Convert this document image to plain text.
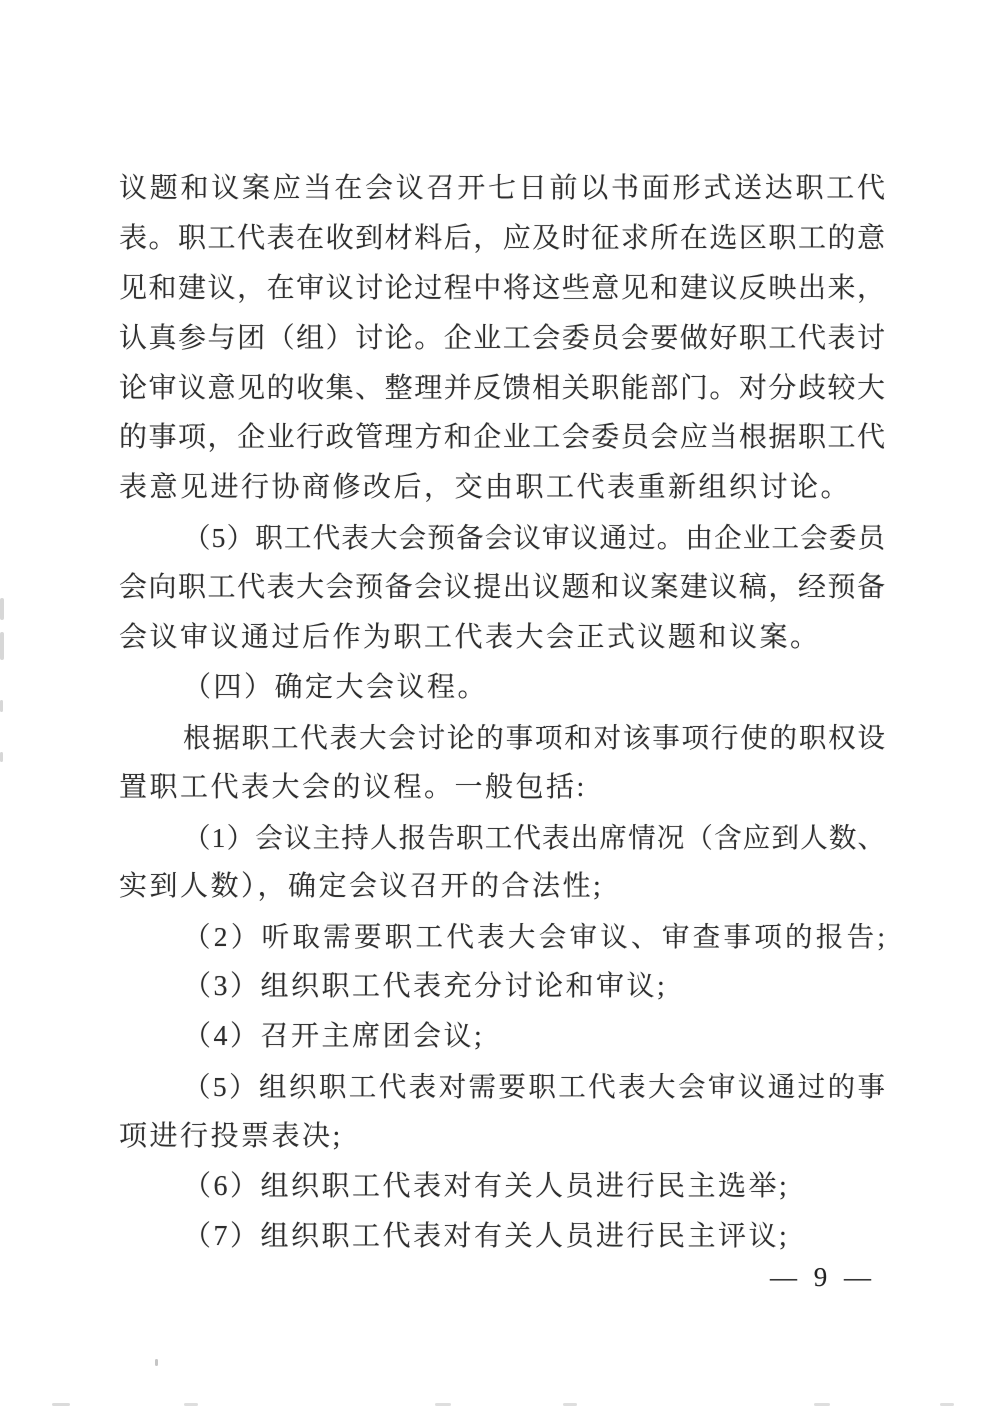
议题和议案应当在会议召开七日前以书面形式送达职工代
表。职工代表在收到材料后，应及时征求所在选区职工的意
见和建议，在审议讨论过程中将这些意见和建议反映出来，
认真参与团（组）讨论。企业工会委员会要做好职工代表讨
论审议意见的收集、整理并反馈相关职能部门。对分歧较大
的事项，企业行政管理方和企业工会委员会应当根据职工代
表意见进行协商修改后，交由职工代表重新组织讨论。
（5）职工代表大会预备会议审议通过。由企业工会委员
会向职工代表大会预备会议提出议题和议案建议稿，经预备
会议审议通过后作为职工代表大会正式议题和议案。
（四）确定大会议程。
根据职工代表大会讨论的事项和对该事项行使的职权设
置职工代表大会的议程。一般包括:
（1）会议主持人报告职工代表出席情况（含应到人数、
实到人数），确定会议召开的合法性;
（2）听取需要职工代表大会审议、审查事项的报告;
（3）组织职工代表充分讨论和审议;
（4）召开主席团会议;
（5）组织职工代表对需要职工代表大会审议通过的事
项进行投票表决;
（6）组织职工代表对有关人员进行民主选举;
（7）组织职工代表对有关人员进行民主评议;
— 9 —
